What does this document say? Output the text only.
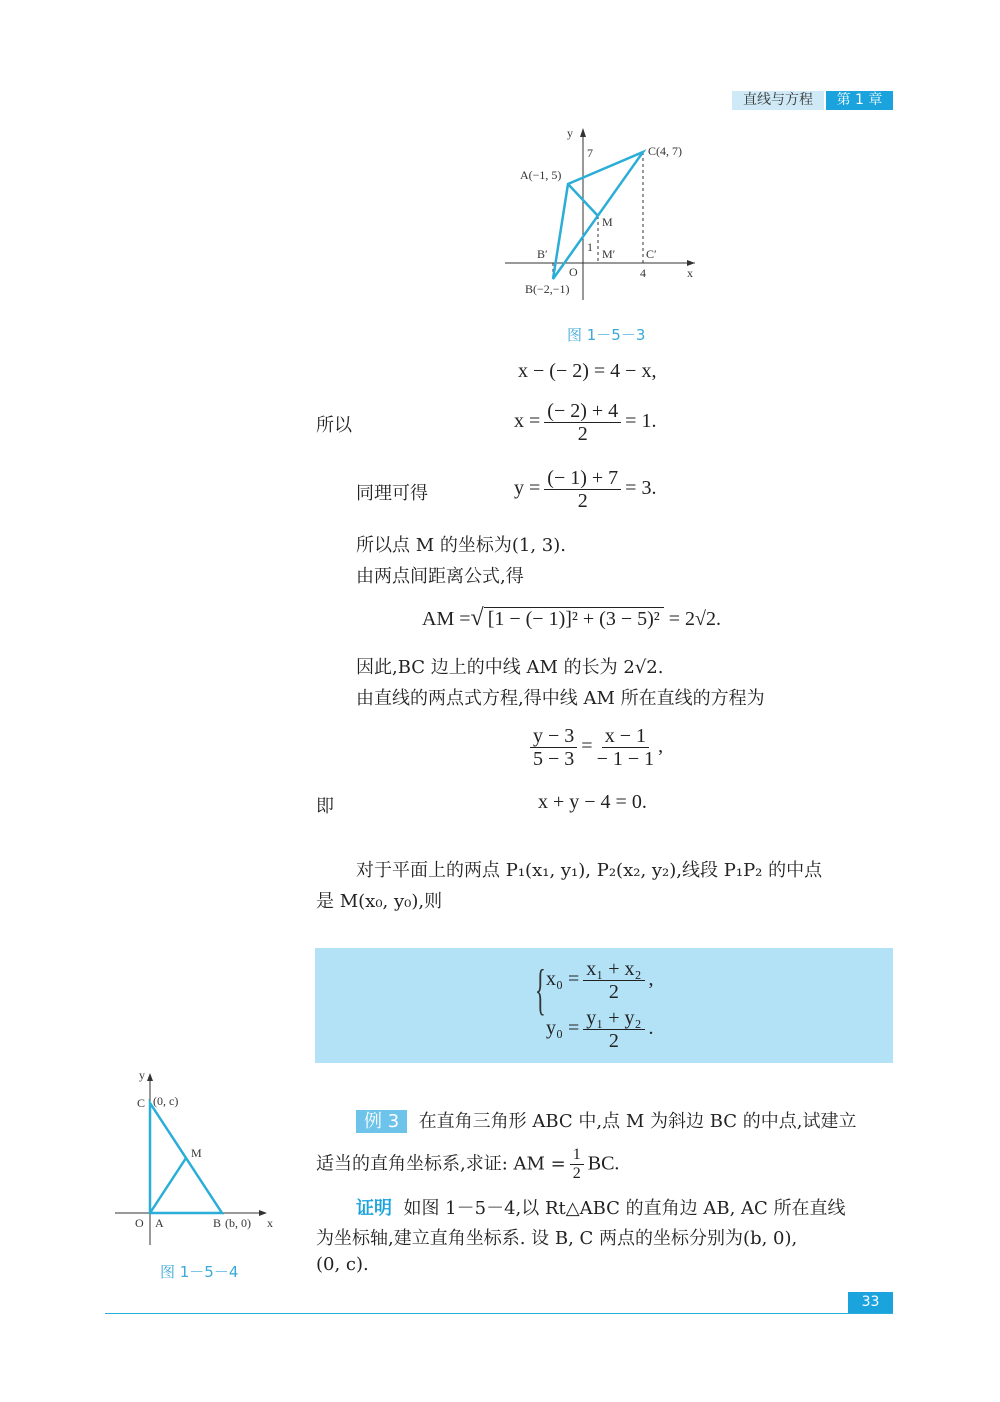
直线与方程	第 1 章
y
x
7
1
4
A(−1, 5)
C(4, 7)
B(−2,−1)
M
B′	M′	C′
O
图 1－5－3
x − (− 2) = 4 − x,
所以	$x = \frac{(- 2) + 4}{2} = 1$.
同理可得	$y = \frac{(- 1) + 7}{2} = 3$.
所以点 M 的坐标为(1, 3).
由两点间距离公式,得
AM =√ [1 − (− 1)]² + (3 − 5)² = 2√2.
因此,BC 边上的中线 AM 的长为 2√2.
由直线的两点式方程,得中线 AM 所在直线的方程为
$\frac{y - 3}{5 - 3} = \frac{x - 1}{- 1 - 1}$ ,
即	x + y − 4 = 0.
对于平面上的两点 P₁(x₁, y₁), P₂(x₂, y₂),线段 P₁P₂ 的中点
是 M(x₀, y₀),则
{ $x_0 = \frac{\text{x₁ + x₂}}{2}$ ,
$y_0 = \frac{\text{y₁ + y₂}}{2}$ .
y
C (0, c)
M
O A	B (b, 0) x
图 1－5－4
例 3 在直角三角形 ABC 中,点 M 为斜边 BC 的中点,试建立
适当的直角坐标系,求证: AM = $\frac{1}{2}$ BC.
证明 如图 1－5－4,以 Rt△ABC 的直角边 AB, AC 所在直线
为坐标轴,建立直角坐标系. 设 B, C 两点的坐标分别为(b, 0),
(0, c).
33
